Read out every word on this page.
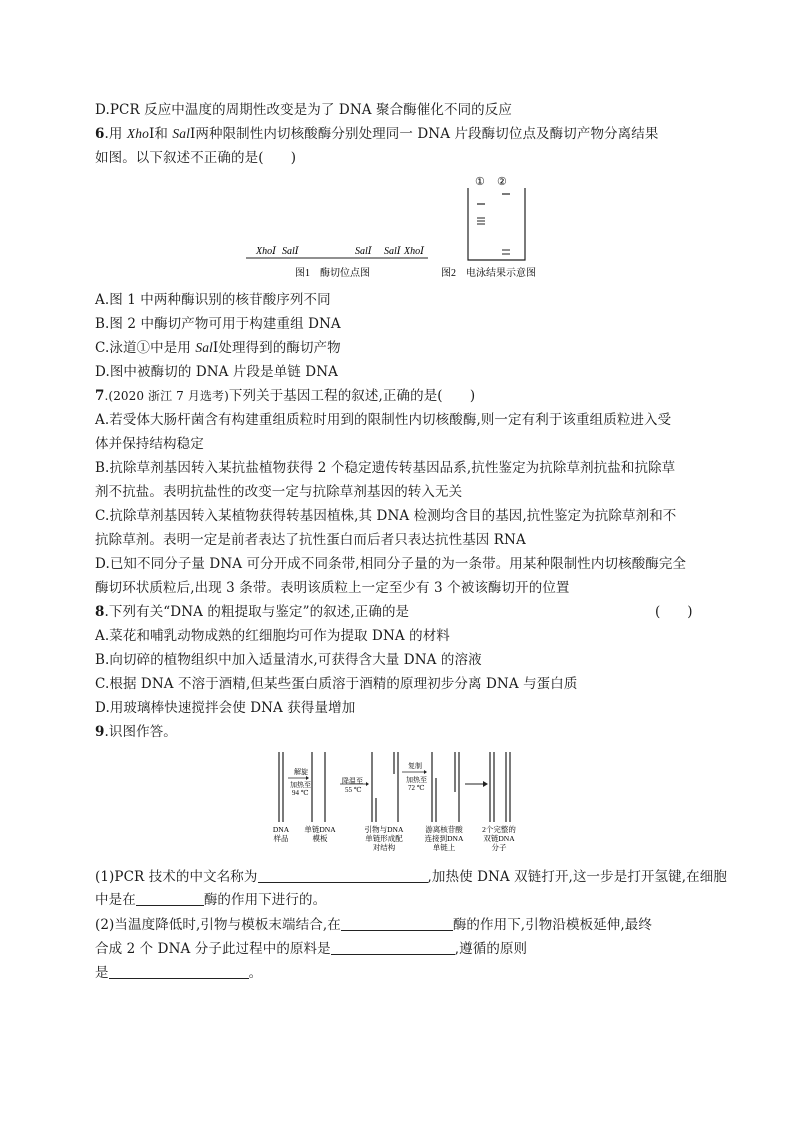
D.PCR 反应中温度的周期性改变是为了 DNA 聚合酶催化不同的反应
6.用 XhoⅠ和 SalⅠ两种限制性内切核酸酶分别处理同一 DNA 片段酶切位点及酶切产物分离结果
如图。以下叙述不正确的是(　　)
XhoⅠ SalⅠ	SalⅠ SalⅠ XhoⅠ
图1　酶切位点图
① ②
图2　电泳结果示意图
A.图 1 中两种酶识别的核苷酸序列不同
B.图 2 中酶切产物可用于构建重组 DNA
C.泳道①中是用 SalⅠ处理得到的酶切产物
D.图中被酶切的 DNA 片段是单链 DNA
7.(2020 浙江 7 月选考)下列关于基因工程的叙述,正确的是(　　)
A.若受体大肠杆菌含有构建重组质粒时用到的限制性内切核酸酶,则一定有利于该重组质粒进入受
体并保持结构稳定
B.抗除草剂基因转入某抗盐植物获得 2 个稳定遗传转基因品系,抗性鉴定为抗除草剂抗盐和抗除草
剂不抗盐。表明抗盐性的改变一定与抗除草剂基因的转入无关
C.抗除草剂基因转入某植物获得转基因植株,其 DNA 检测均含目的基因,抗性鉴定为抗除草剂和不
抗除草剂。表明一定是前者表达了抗性蛋白而后者只表达抗性基因 RNA
D.已知不同分子量 DNA 可分开成不同条带,相同分子量的为一条带。用某种限制性内切核酸酶完全
酶切环状质粒后,出现 3 条带。表明该质粒上一定至少有 3 个被该酶切开的位置
8.下列有关“DNA 的粗提取与鉴定”的叙述,正确的是	(　　)
A.菜花和哺乳动物成熟的红细胞均可作为提取 DNA 的材料
B.向切碎的植物组织中加入适量清水,可获得含大量 DNA 的溶液
C.根据 DNA 不溶于酒精,但某些蛋白质溶于酒精的原理初步分离 DNA 与蛋白质
D.用玻璃棒快速搅拌会使 DNA 获得量增加
9.识图作答。
解旋
加热至
94 ℃
降温至
55 ℃
复制
加热至
72 ℃
DNA
样品
单链DNA
模板
引物与DNA
单链形成配
对结构
游离核苷酸
连接到DNA
单链上
2个完整的
双链DNA
分子
(1)PCR 技术的中文名称为	,加热使 DNA 双链打开,这一步是打开氢键,在细胞
中是在	酶的作用下进行的。
(2)当温度降低时,引物与模板末端结合,在	酶的作用下,引物沿模板延伸,最终
合成 2 个 DNA 分子此过程中的原料是	,遵循的原则
是	。
